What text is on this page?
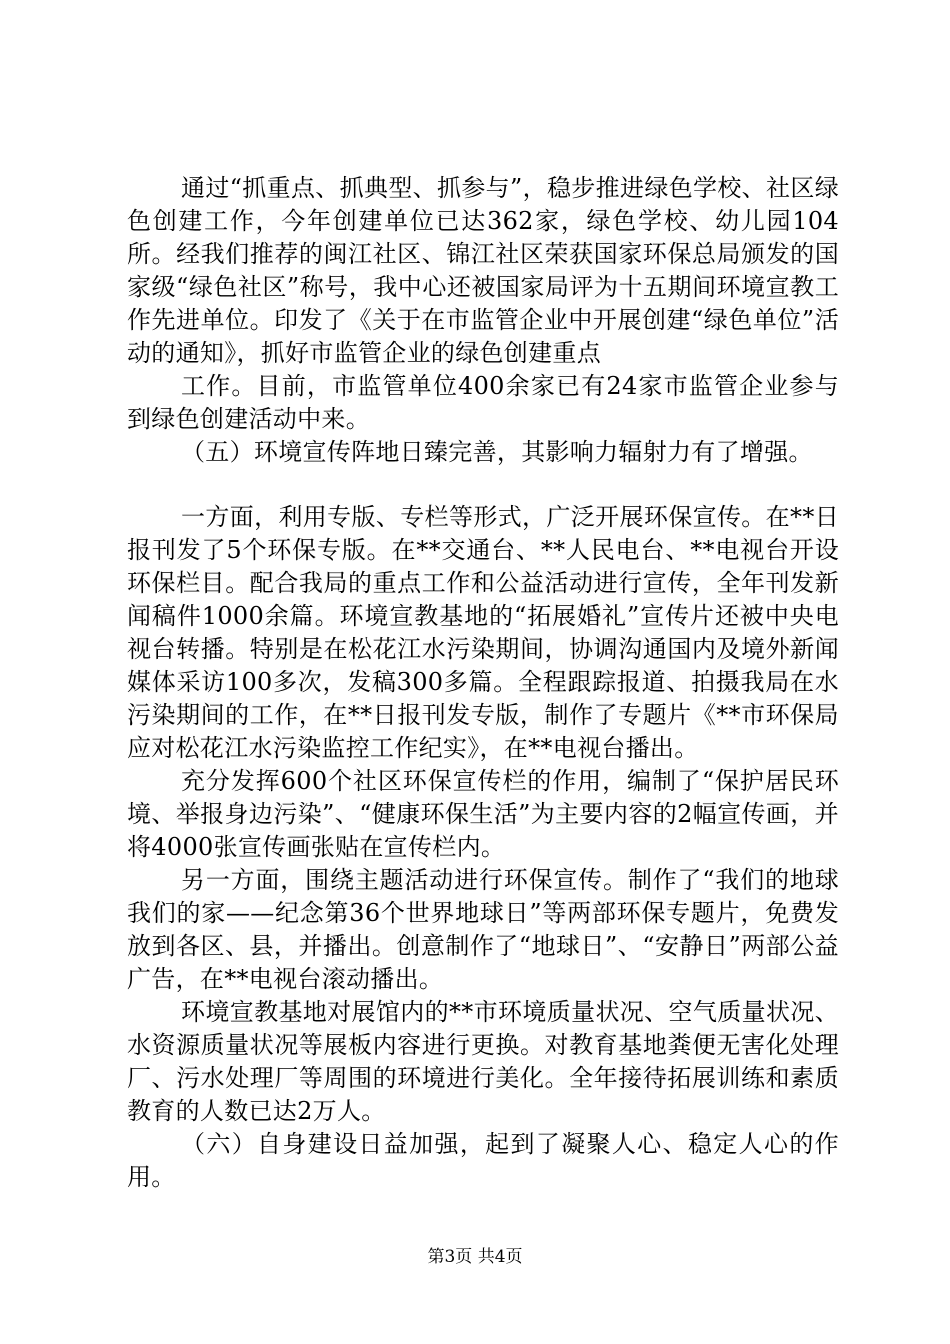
通过“抓重点、抓典型、抓参与”，稳步推进绿色学校、社区绿色创建工作，今年创建单位已达362家，绿色学校、幼儿园104所。经我们推荐的闽江社区、锦江社区荣获国家环保总局颁发的国家级“绿色社区”称号，我中心还被国家局评为十五期间环境宣教工作先进单位。印发了《关于在市监管企业中开展创建“绿色单位”活动的通知》，抓好市监管企业的绿色创建重点

工作。目前，市监管单位400余家已有24家市监管企业参与到绿色创建活动中来。

（五）环境宣传阵地日臻完善，其影响力辐射力有了增强。

一方面，利用专版、专栏等形式，广泛开展环保宣传。在**日报刊发了5个环保专版。在**交通台、**人民电台、**电视台开设环保栏目。配合我局的重点工作和公益活动进行宣传，全年刊发新闻稿件1000余篇。环境宣教基地的“拓展婚礼”宣传片还被中央电视台转播。特别是在松花江水污染期间，协调沟通国内及境外新闻媒体采访100多次，发稿300多篇。全程跟踪报道、拍摄我局在水污染期间的工作，在**日报刊发专版，制作了专题片《**市环保局应对松花江水污染监控工作纪实》，在**电视台播出。

充分发挥600个社区环保宣传栏的作用，编制了“保护居民环境、举报身边污染”、“健康环保生活”为主要内容的2幅宣传画，并将4000张宣传画张贴在宣传栏内。

另一方面，围绕主题活动进行环保宣传。制作了“我们的地球我们的家——纪念第36个世界地球日”等两部环保专题片，免费发放到各区、县，并播出。创意制作了“地球日”、“安静日”两部公益广告，在**电视台滚动播出。

环境宣教基地对展馆内的**市环境质量状况、空气质量状况、水资源质量状况等展板内容进行更换。对教育基地粪便无害化处理厂、污水处理厂等周围的环境进行美化。全年接待拓展训练和素质教育的人数已达2万人。

（六）自身建设日益加强，起到了凝聚人心、稳定人心的作用。

第3页 共4页
